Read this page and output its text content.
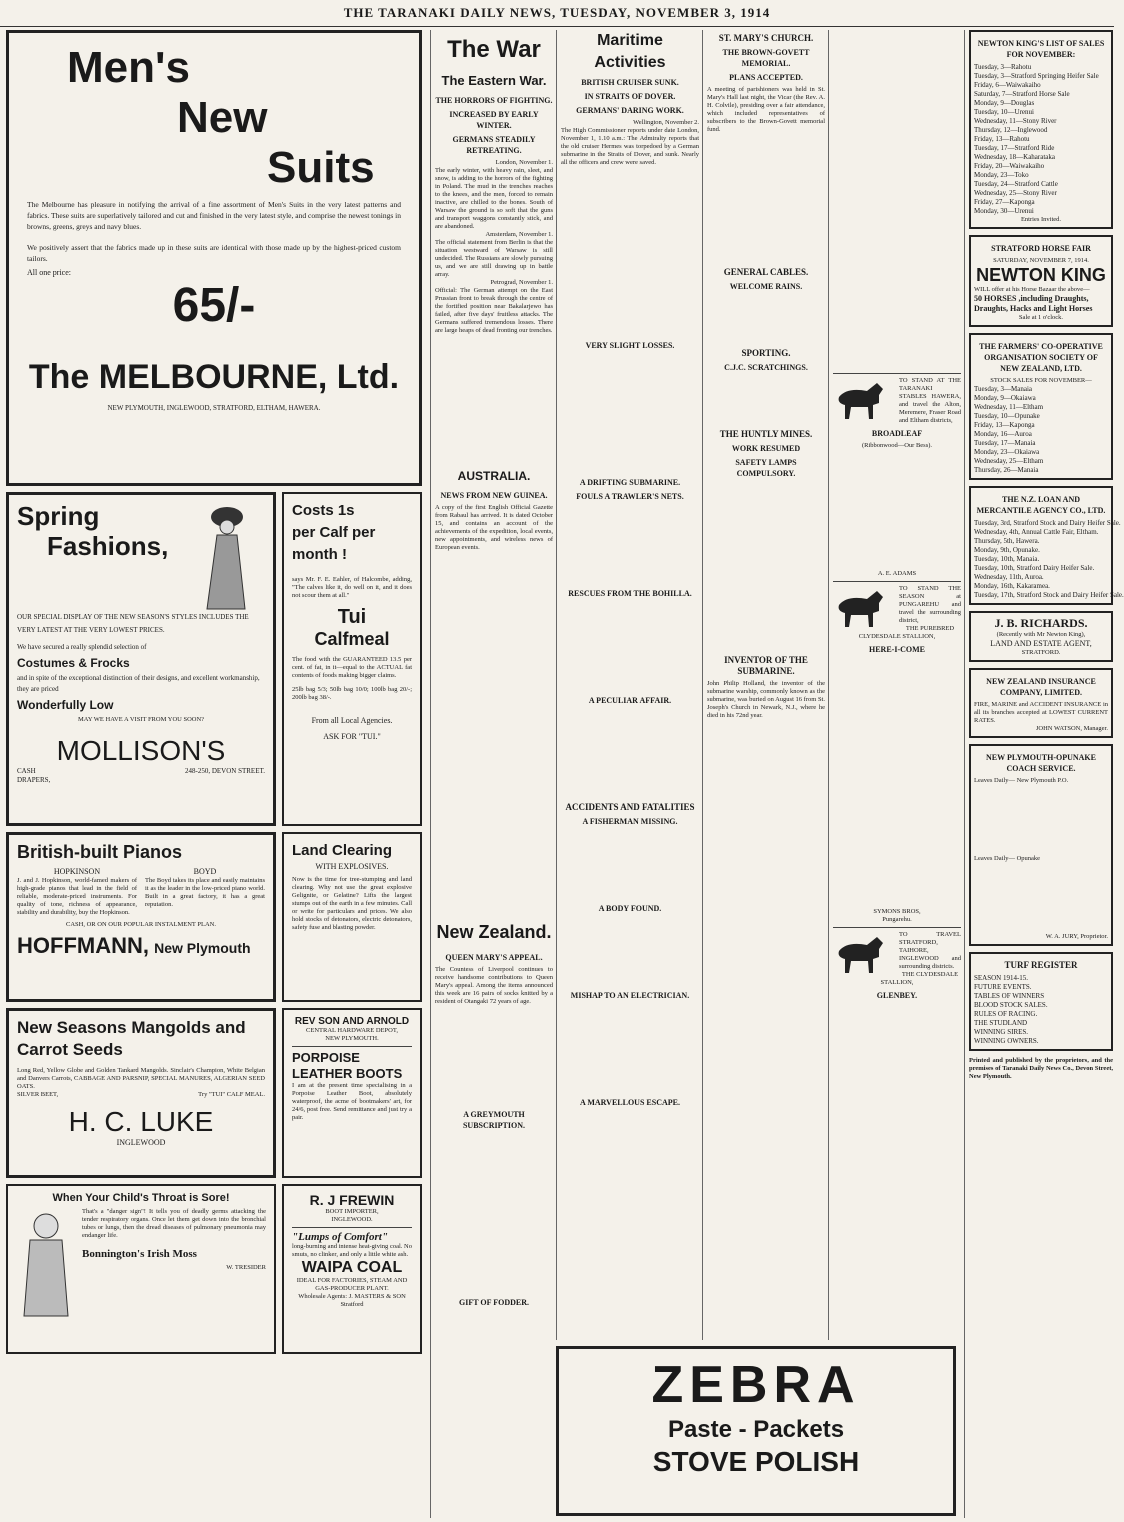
THE TARANAKI DAILY NEWS, TUESDAY, NOVEMBER 3, 1914
Men's
New
Suits
The Melbourne has pleasure in notifying the arrival of a fine assortment of Men's Suits in the very latest patterns and fabrics. These suits are superlatively tailored and cut and finished in the very latest style, and comprise the newest tonings in browns, greens, greys and navy blues.
We positively assert that the fabrics made up in these suits are identical with those made up by the highest-priced custom tailors.
All one price:
65/-
The MELBOURNE, Ltd.
NEW PLYMOUTH, INGLEWOOD, STRATFORD, ELTHAM, HAWERA.
Spring
Fashions,
OUR SPECIAL DISPLAY OF THE NEW SEASON'S STYLES INCLUDES THE VERY LATEST AT THE VERY LOWEST PRICES.
We have secured a really splendid selection of
Costumes & Frocks
and in spite of the exceptional distinction of their designs, and excellent workmanship, they are priced
Wonderfully Low
MAY WE HAVE A VISIT FROM YOU SOON?
MOLLISON'S
CASH	248-250, DEVON STREET.
DRAPERS,
Costs 1s
per Calf per
month !
says Mr. F. E. Eahler, of Halcombe, adding, "The calves like it, do well on it, and it does not scour them at all."
Tui
Calfmeal
The food with the GUARANTEED 13.5 per cent. of fat, in it—equal to the ACTUAL fat contents of foods making bigger claims.
25lb bag 5/3; 50lb bag 10/0; 100lb bag 20/-; 200lb bag 38/-.
From all Local Agencies.
ASK FOR "TUI."
British-built Pianos
HOPKINSON
J. and J. Hopkinson, world-famed makers of high-grade pianos that lead in the field of reliable, moderate-priced instruments. For quality of tone, richness of appearance, stability and durability, buy the Hopkinson.
BOYD
The Boyd takes its place and easily maintains it as the leader in the low-priced piano world. Built in a great factory, it has a great reputation.
CASH, OR ON OUR POPULAR INSTALMENT PLAN.
HOFFMANN, New Plymouth
Land Clearing
WITH EXPLOSIVES.
Now is the time for tree-stumping and land clearing. Why not use the great explosive Gelignite, or Gelatine? Lifts the largest stumps out of the earth in a few minutes. Call or write for particulars and prices. We also hold stocks of detonators, electric detonators, safety fuse and blasting powder.
New Seasons Mangolds and Carrot Seeds
Long Red, Yellow Globe and Golden Tankard Mangolds. Sinclair's Champion, White Belgian and Danvers Carrots, CABBAGE AND PARSNIP, SPECIAL MANURES, ALGERIAN SEED OATS.
SILVER BEET,	Try "TUI" CALF MEAL.
H. C. LUKE
INGLEWOOD
REV SON AND ARNOLD
CENTRAL HARDWARE DEPOT,
NEW PLYMOUTH.
PORPOISE LEATHER BOOTS
I am at the present time specialising in a Porpoise Leather Boot, absolutely waterproof, the acme of bootmakers' art, for 24/6, post free. Send remittance and just try a pair.
When Your Child's Throat is Sore!
That's a "danger sign"! It tells you of deadly germs attacking the tender respiratory organs. Once let them get down into the bronchial tubes or lungs, then the dread diseases of pulmonary pneumonia may endanger life.
Bonnington's Irish Moss
W. TRESIDER
R. J FREWIN
BOOT IMPORTER,
INGLEWOOD.
"Lumps of Comfort"
long-burning and intense heat-giving coal. No smuts, no clinker, and only a little white ash.
WAIPA COAL
IDEAL FOR FACTORIES, STEAM AND GAS-PRODUCER PLANT.
Wholesale Agents: J. MASTERS & SON
Stratford
The War
The Eastern War.
THE HORRORS OF FIGHTING.
INCREASED BY EARLY WINTER.
GERMANS STEADILY RETREATING.
London, November 1.
The early winter, with heavy rain, sleet, and snow, is adding to the horrors of the fighting in Poland. The mud in the trenches reaches to the knees, and the men, forced to remain inactive, are chilled to the bones. South of Warsaw the ground is so soft that the guns and transport waggons constantly stick, and are abandoned.
Amsterdam, November 1.
The official statement from Berlin is that the situation westward of Warsaw is still undecided. The Russians are slowly pursuing us, and we are still drawing up in battle array.
Petrograd, November 1.
Official: The German attempt on the East Prussian front to break through the centre of the fortified position near Bakalarjewo has failed, after five days' fruitless attacks. The Germans suffered tremendous losses. There are large heaps of dead fronting our trenches.
AUSTRALIA.
NEWS FROM NEW GUINEA.
A copy of the first English Official Gazette from Rabaul has arrived. It is dated October 15, and contains an account of the achievements of the expedition, local events, new appointments, and wireless news of European events.
New Zealand.
QUEEN MARY'S APPEAL.
The Countess of Liverpool continues to receive handsome contributions to Queen Mary's appeal. Among the items announced this week are 16 pairs of socks knitted by a resident of Otangaki 72 years of age.
A GREYMOUTH SUBSCRIPTION.
GIFT OF FODDER.
Maritime Activities
BRITISH CRUISER SUNK.
IN STRAITS OF DOVER.
GERMANS' DARING WORK.
Wellington, November 2.
The High Commissioner reports under date London, November 1, 1.10 a.m.: The Admiralty reports that the old cruiser Hermes was torpedoed by a German submarine in the Straits of Dover, and sunk. Nearly all the officers and crew were saved.
VERY SLIGHT LOSSES.
A DRIFTING SUBMARINE.
FOULS A TRAWLER'S NETS.
RESCUES FROM THE BOHILLA.
A PECULIAR AFFAIR.
ACCIDENTS AND FATALITIES
A FISHERMAN MISSING.
A BODY FOUND.
MISHAP TO AN ELECTRICIAN.
A MARVELLOUS ESCAPE.
ST. MARY'S CHURCH.
THE BROWN-GOVETT MEMORIAL.
PLANS ACCEPTED.
A meeting of parishioners was held in St. Mary's Hall last night, the Vicar (the Rev. A. H. Colvile), presiding over a fair attendance, which included representatives of subscribers to the Brown-Govett memorial fund.
GENERAL CABLES.
WELCOME RAINS.
SPORTING.
C.J.C. SCRATCHINGS.
THE HUNTLY MINES.
WORK RESUMED
SAFETY LAMPS COMPULSORY.
INVENTOR OF THE SUBMARINE.
John Philip Holland, the inventor of the submarine warship, commonly known as the submarine, was buried on August 16 from St. Joseph's Church in Newark, N.J., where he died in his 72nd year.
TO STAND AT THE TARANAKI STABLES HAWERA, and travel the Alton, Meremere, Fraser Road and Eltham districts,
BROADLEAF
(Ribbonwood—Our Bess).
A. E. ADAMS
TO STAND THE SEASON at PUNGAREHU and travel the surrounding district,
THE PUREBRED CLYDESDALE STALLION,
HERE-I-COME
SYMONS BROS,
Pungarehu.
TO TRAVEL STRATFORD, TAIHORE, INGLEWOOD and surrounding districts.
THE CLYDESDALE STALLION,
GLENBEY.
ZEBRA
Paste - Packets
STOVE POLISH
NEWTON KING'S LIST OF SALES FOR NOVEMBER:
Tuesday, 3—Rahotu
Tuesday, 3—Stratford Springing Heifer Sale
Friday, 6—Waiwakaiho
Saturday, 7—Stratford Horse Sale
Monday, 9—Douglas
Tuesday, 10—Urenui
Wednesday, 11—Stony River
Thursday, 12—Inglewood
Friday, 13—Rahotu
Tuesday, 17—Stratford Ride
Wednesday, 18—Kaharataka
Friday, 20—Waiwakaiho
Monday, 23—Toko
Tuesday, 24—Stratford Cattle
Wednesday, 25—Stony River
Friday, 27—Kaponga
Monday, 30—Urenui
Entries Invited.
STRATFORD HORSE FAIR
SATURDAY, NOVEMBER 7, 1914.
NEWTON KING
WILL offer at his Horse Bazaar the above—
50 HORSES ,including Draughts, Draughts, Hacks and Light Horses
Sale at 1 o'clock.
THE FARMERS' CO-OPERATIVE ORGANISATION SOCIETY OF NEW ZEALAND, LTD.
STOCK SALES FOR NOVEMBER—
Tuesday, 3—Manaia
Monday, 9—Okaiawa
Wednesday, 11—Eltham
Tuesday, 10—Opunake
Friday, 13—Kaponga
Monday, 16—Auroa
Tuesday, 17—Manaia
Monday, 23—Okaiawa
Wednesday, 25—Eltham
Thursday, 26—Manaia
THE N.Z. LOAN AND MERCANTILE AGENCY CO., LTD.
Tuesday, 3rd, Stratford Stock and Dairy Heifer Sale.
Wednesday, 4th, Annual Cattle Fair, Eltham.
Thursday, 5th, Hawera.
Monday, 9th, Opunake.
Tuesday, 10th, Manaia.
Tuesday, 10th, Stratford Dairy Heifer Sale.
Wednesday, 11th, Auroa.
Monday, 16th, Kakaramea.
Tuesday, 17th, Stratford Stock and Dairy Heifer Sale.
J. B. RICHARDS.
(Recently with Mr Newton King),
LAND AND ESTATE AGENT,
STRATFORD.
NEW ZEALAND INSURANCE COMPANY, LIMITED.
FIRE, MARINE and ACCIDENT INSURANCE in all its branches accepted at LOWEST CURRENT RATES.
JOHN WATSON, Manager.
NEW PLYMOUTH-OPUNAKE COACH SERVICE.
Leaves Daily— New Plymouth P.O.
Leaves Daily— Opunake
W. A. JURY, Proprietor.
TURF REGISTER
SEASON 1914-15.
FUTURE EVENTS.
TABLES OF WINNERS
BLOOD STOCK SALES.
RULES OF RACING.
THE STUDLAND
WINNING SIRES.
WINNING OWNERS.
Printed and published by the proprietors, and the premises of Taranaki Daily News Co., Devon Street, New Plymouth.
